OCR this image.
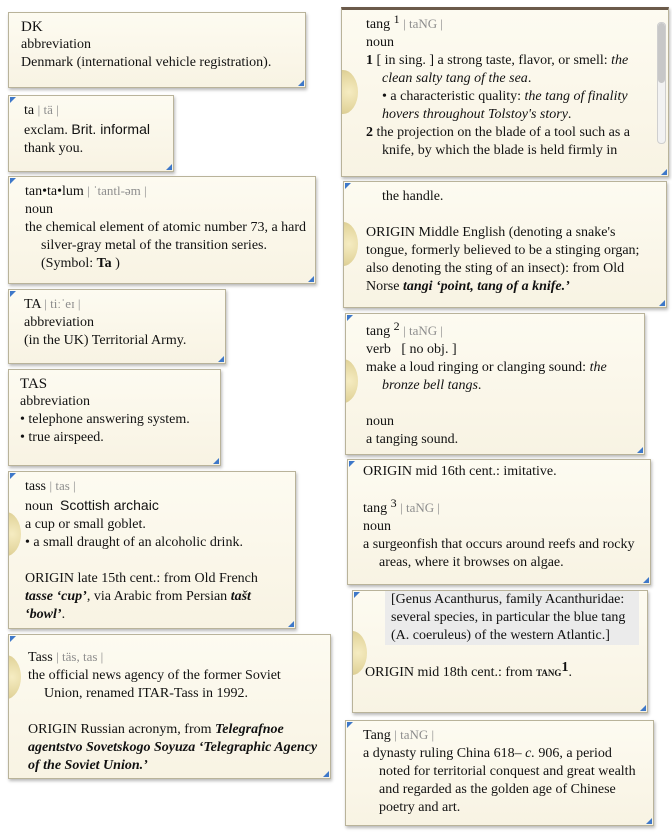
DK

abbreviation

Denmark (international vehicle registration).

ta | tä |

exclam. Brit. informal

thank you.

tan•ta•lum | ˈtantl-əm |

noun

the chemical element of atomic number 73, a hard silver-gray metal of the transition series.(Symbol: Ta )

TA | tiːˈeɪ |

abbreviation

(in the UK) Territorial Army.

TAS

abbreviation

• telephone answering system.

• true airspeed.

tass | tas |

noun Scottish archaic

a cup or small goblet.

• a small draught of an alcoholic drink.

ORIGIN late 15th cent.: from Old French tasse ‘cup’, via Arabic from Persian tašt ‘bowl’.

Tass | täs, tas |

the official news agency of the former Soviet Union, renamed ITAR-Tass in 1992.

ORIGIN Russian acronym, from Telegrafnoe agentstvo Sovetskogo Soyuza ‘Telegraphic Agency of the Soviet Union.’

tang 1 | taNG |

noun

1 [ in sing. ] a strong taste, flavor, or smell: the clean salty tang of the sea.

• a characteristic quality: the tang of finality hovers throughout Tolstoy's story.

2 the projection on the blade of a tool such as a knife, by which the blade is held firmly in

the handle.

ORIGIN Middle English (denoting a snake's tongue, formerly believed to be a stinging organ; also denoting the sting of an insect): from Old Norse tangi ‘point, tang of a knife.’

tang 2 | taNG |

verb [ no obj. ]

make a loud ringing or clanging sound: the bronze bell tangs.

noun

a tanging sound.

ORIGIN mid 16th cent.: imitative.

tang 3 | taNG |

noun

a surgeonfish that occurs around reefs and rocky areas, where it browses on algae.

[Genus Acanthurus, family Acanthuridae: several species, in particular the blue tang (A. coeruleus) of the western Atlantic.]

ORIGIN mid 18th cent.: from tang1.

Tang | taNG |

a dynasty ruling China 618– c. 906, a period noted for territorial conquest and great wealth and regarded as the golden age of Chinese poetry and art.
